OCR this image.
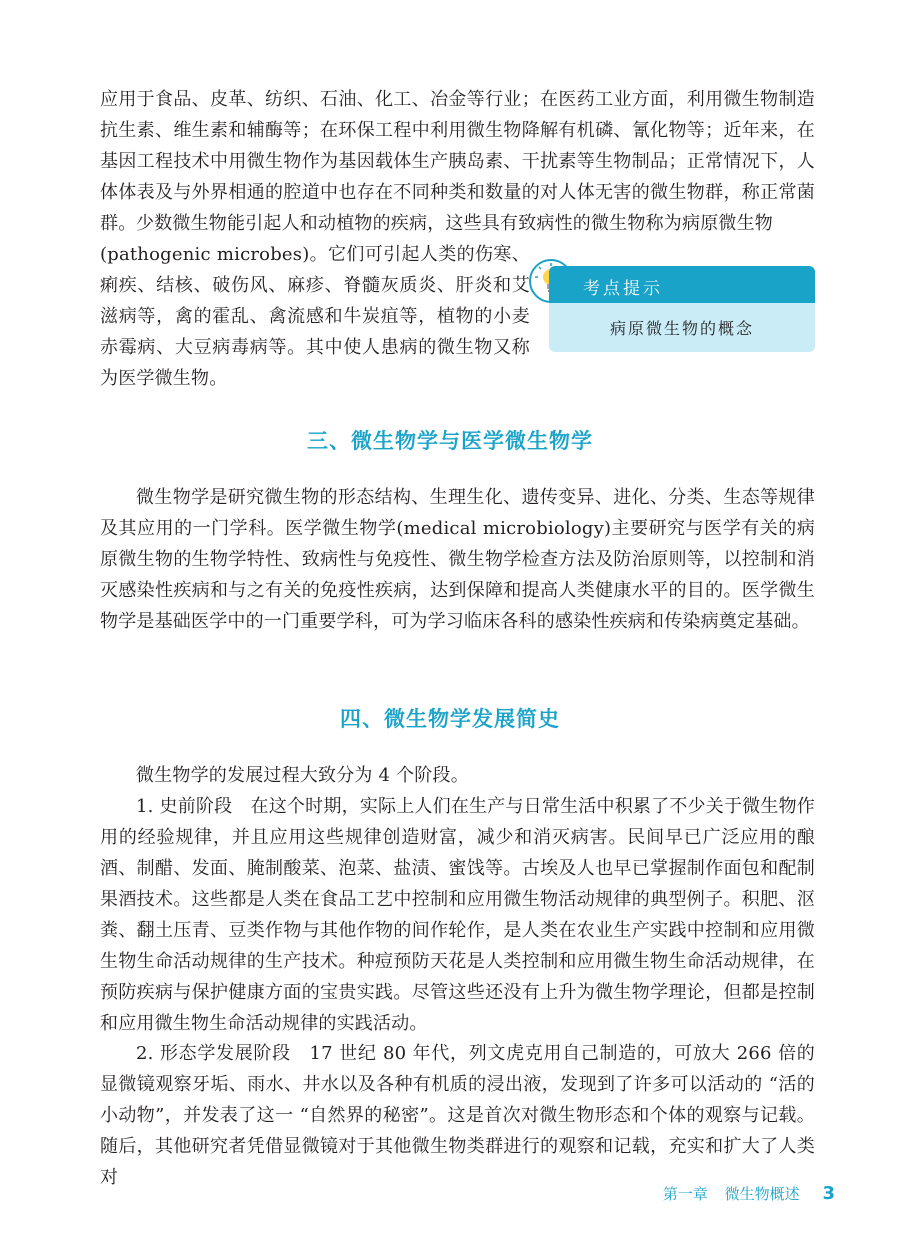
应用于食品、皮革、纺织、石油、化工、冶金等行业；在医药工业方面，利用微生物制造抗生素、维生素和辅酶等；在环保工程中利用微生物降解有机磷、氰化物等；近年来，在基因工程技术中用微生物作为基因载体生产胰岛素、干扰素等生物制品；正常情况下，人体体表及与外界相通的腔道中也存在不同种类和数量的对人体无害的微生物群，称正常菌群。 少数微生物能引起人和动植物的疾病，这些具有致病性的微生物称为病原微生物

(pathogenic microbes)。它们可引起人类的伤寒、痢疾、结核、破伤风、麻疹、脊髓灰质炎、肝炎和艾滋病等，禽的霍乱、禽流感和牛炭疽等，植物的小麦赤霉病、大豆病毒病等。其中使人患病的微生物又称为医学微生物。

考点提示
病原微生物的概念
三、微生物学与医学微生物学

微生物学是研究微生物的形态结构、生理生化、遗传变异、进化、分类、生态等规律及其应用的一门学科。医学微生物学(medical microbiology)主要研究与医学有关的病原微生物的生物学特性、致病性与免疫性、微生物学检查方法及防治原则等，以控制和消灭感染性疾病和与之有关的免疫性疾病，达到保障和提高人类健康水平的目的。医学微生物学是基础医学中的一门重要学科，可为学习临床各科的感染性疾病和传染病奠定基础。

四、微生物学发展简史

微生物学的发展过程大致分为 4 个阶段。

1. 史前阶段　在这个时期，实际上人们在生产与日常生活中积累了不少关于微生物作用的经验规律，并且应用这些规律创造财富，减少和消灭病害。民间早已广泛应用的酿酒、制醋、发面、腌制酸菜、泡菜、盐渍、蜜饯等。古埃及人也早已掌握制作面包和配制果酒技术。这些都是人类在食品工艺中控制和应用微生物活动规律的典型例子。积肥、沤粪、翻土压青、豆类作物与其他作物的间作轮作，是人类在农业生产实践中控制和应用微生物生命活动规律的生产技术。种痘预防天花是人类控制和应用微生物生命活动规律，在预防疾病与保护健康方面的宝贵实践。尽管这些还没有上升为微生物学理论，但都是控制和应用微生物生命活动规律的实践活动。

2. 形态学发展阶段　17 世纪 80 年代，列文虎克用自己制造的，可放大 266 倍的显微镜观察牙垢、雨水、井水以及各种有机质的浸出液，发现到了许多可以活动的 “活的小动物”，并发表了这一 “自然界的秘密”。这是首次对微生物形态和个体的观察与记载。随后，其他研究者凭借显微镜对于其他微生物类群进行的观察和记载，充实和扩大了人类对

第一章 微生物概述 3
